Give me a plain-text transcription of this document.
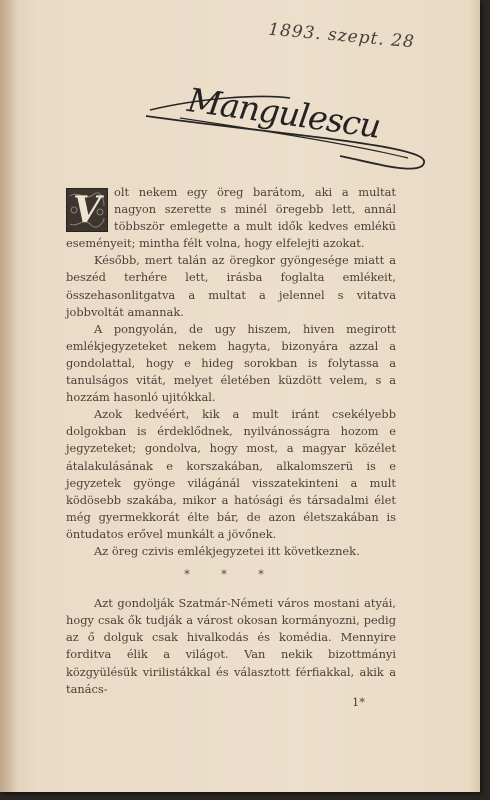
1893. szept. 28
Mangulescu

V	olt nekem egy öreg barátom, aki a multat nagyon szerette s minél öregebb lett, annál többször emlegette a mult idők kedves emlékü eseményeit; mintha félt volna, hogy elfelejti azokat.

Később, mert talán az öregkor gyöngesége miatt a beszéd terhére lett, irásba foglalta emlékeit, összehasonlitgatva a multat a jelennel s vitatva jobbvoltát amannak.

A pongyolán, de ugy hiszem, hiven megirott emlékjegyzeteket nekem hagyta, bizonyára azzal a gondolattal, hogy e hideg sorokban is folytassa a tanulságos vitát, melyet életében küzdött velem, s a hozzám hasonló ujitókkal.

Azok kedvéért, kik a mult iránt csekélyebb dolgokban is érdeklődnek, nyilvánosságra hozom e jegyzeteket; gondolva, hogy most, a magyar közélet átalakulásának e korszakában, alkalomszerü is e jegyzetek gyönge világánál visszatekinteni a mult ködösebb szakába, mikor a hatósági és társadalmi élet még gyermekkorát élte bár, de azon életszakában is öntudatos erővel munkált a jövőnek.

Az öreg czivis emlékjegyzetei itt következnek.

* * *

Azt gondolják Szatmár-Németi város mostani atyái, hogy csak ők tudják a várost okosan kormányozni, pedig az ő dolguk csak hivalkodás és komédia. Mennyire forditva élik a világot. Van nekik bizottmányi közgyülésük virilistákkal és választott férfiakkal, akik a tanács-

1*
